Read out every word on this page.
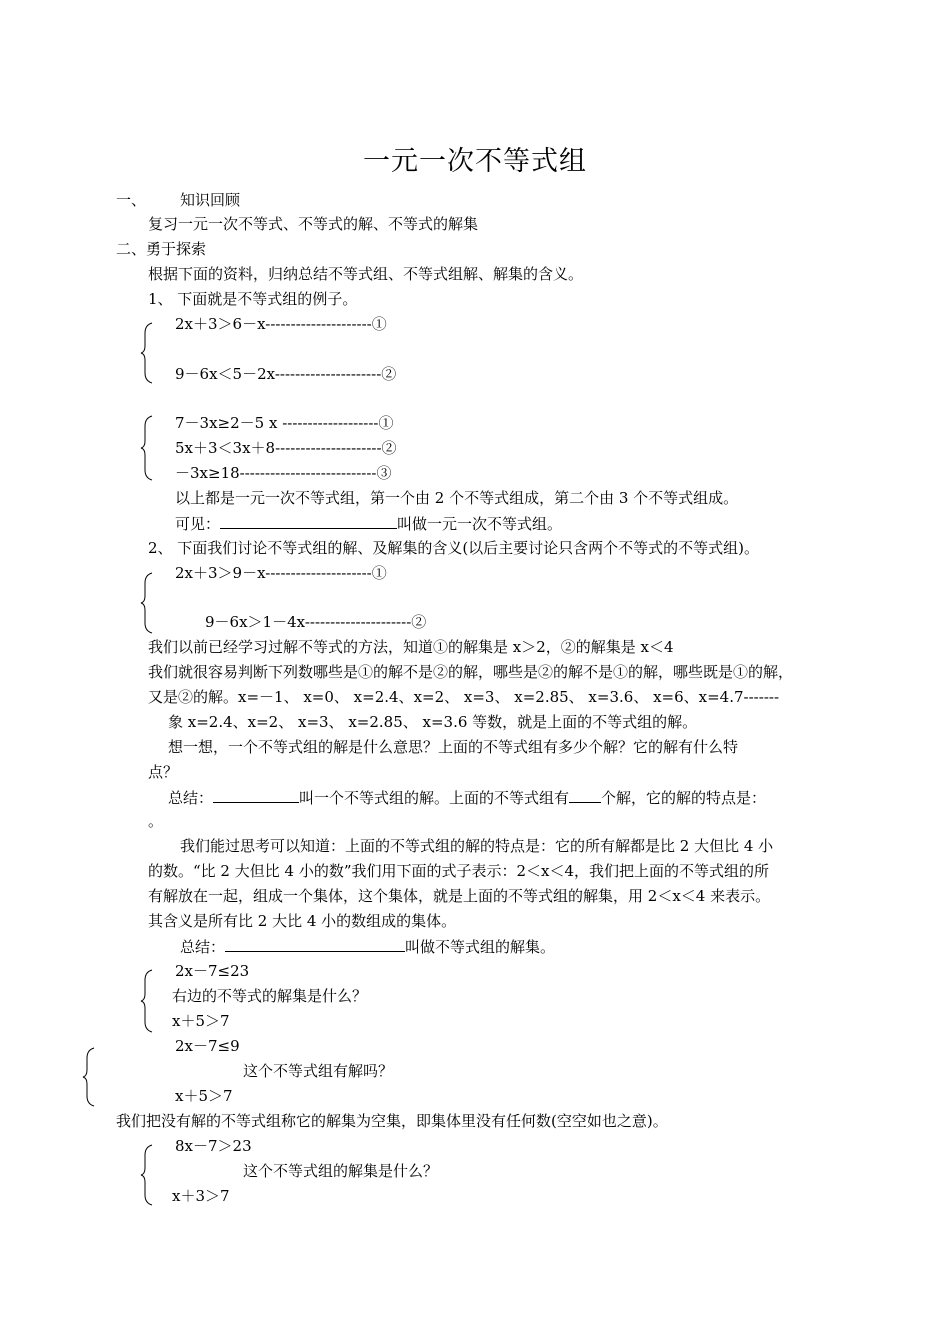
一元一次不等式组
一、 知识回顾
复习一元一次不等式、不等式的解、不等式的解集
二、勇于探索
根据下面的资料，归纳总结不等式组、不等式组解、解集的含义。
1、 下面就是不等式组的例子。
2x＋3＞6－x---------------------①
9－6x＜5－2x---------------------②
7－3x≥2－5 x -------------------①
5x＋3＜3x＋8---------------------②
－3x≥18---------------------------③
以上都是一元一次不等式组，第一个由 2 个不等式组成，第二个由 3 个不等式组成。
可见：	叫做一元一次不等式组。
2、 下面我们讨论不等式组的解、及解集的含义(以后主要讨论只含两个不等式的不等式组)。
2x＋3＞9－x---------------------①
9－6x＞1－4x---------------------②
我们以前已经学习过解不等式的方法，知道①的解集是 x＞2，②的解集是 x＜4
我们就很容易判断下列数哪些是①的解不是②的解，哪些是②的解不是①的解，哪些既是①的解，
又是②的解。x=－1、 x=0、 x=2.4、x=2、 x=3、 x=2.85、 x=3.6、 x=6、x=4.7-------
象 x=2.4、x=2、 x=3、 x=2.85、 x=3.6 等数，就是上面的不等式组的解。
想一想，一个不等式组的解是什么意思？上面的不等式组有多少个解？它的解有什么特
点？
总结：	叫一个不等式组的解。上面的不等式组有 个解，它的解的特点是：
。
我们能过思考可以知道：上面的不等式组的解的特点是：它的所有解都是比 2 大但比 4 小
的数。“比 2 大但比 4 小的数”我们用下面的式子表示：2＜x＜4，我们把上面的不等式组的所
有解放在一起，组成一个集体，这个集体，就是上面的不等式组的解集，用 2＜x＜4 来表示。
其含义是所有比 2 大比 4 小的数组成的集体。
总结：	叫做不等式组的解集。
2x－7≤23
右边的不等式的解集是什么？
x＋5＞7
2x－7≤9
这个不等式组有解吗？
x＋5＞7
我们把没有解的不等式组称它的解集为空集，即集体里没有任何数(空空如也之意)。
8x－7＞23
这个不等式组的解集是什么？
x＋3＞7
